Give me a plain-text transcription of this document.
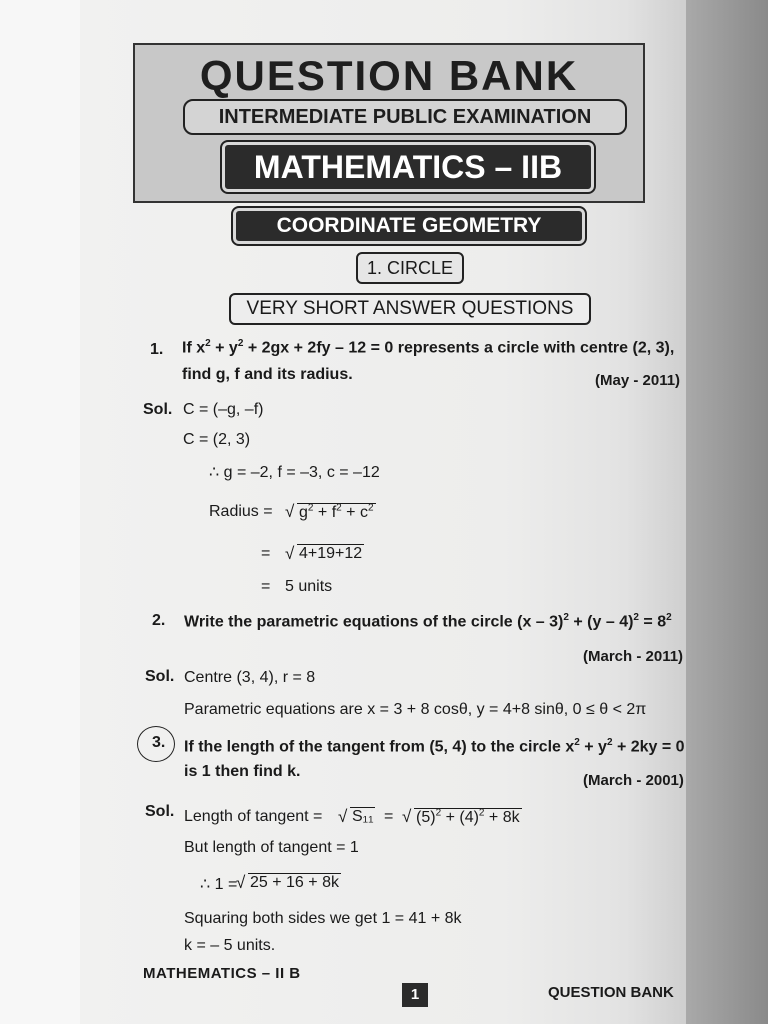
QUESTION BANK
INTERMEDIATE PUBLIC EXAMINATION
MATHEMATICS – IIB
COORDINATE GEOMETRY
1. CIRCLE
VERY SHORT ANSWER QUESTIONS
1. If $x^2 + y^2 + 2gx + 2fy - 12 = 0$ represents a circle with centre (2, 3),
find g, f and its radius.	(May - 2011)
Sol. C = (–g, –f)
C = (2, 3)
∴ g = –2, f = –3, c = –12
Radius =	√ $g^2 + f^2 + c^2$
=	√ 4+19+12
= 5 units
2. Write the parametric equations of the circle $(x - 3)^2 + (y - 4)^2 = 8^2$
(March - 2011)
Sol. Centre (3, 4), r = 8
Parametric equations are x = 3 + 8 cosθ, y = 4+8 sinθ, 0 ≤ θ < 2π
3. If the length of the tangent from (5, 4) to the circle $x^2 + y^2 + 2ky = 0$
is 1 then find k.
(March - 2001)
Sol. Length of tangent =	√ S₁₁ =	√ $(5)^2 + (4)^2 + 8k$
But length of tangent = 1
∴ 1 = √ 25 + 16 + 8k
Squaring both sides we get 1 = 41 + 8k
k = – 5 units.
MATHEMATICS – II B
1	QUESTION BANK
